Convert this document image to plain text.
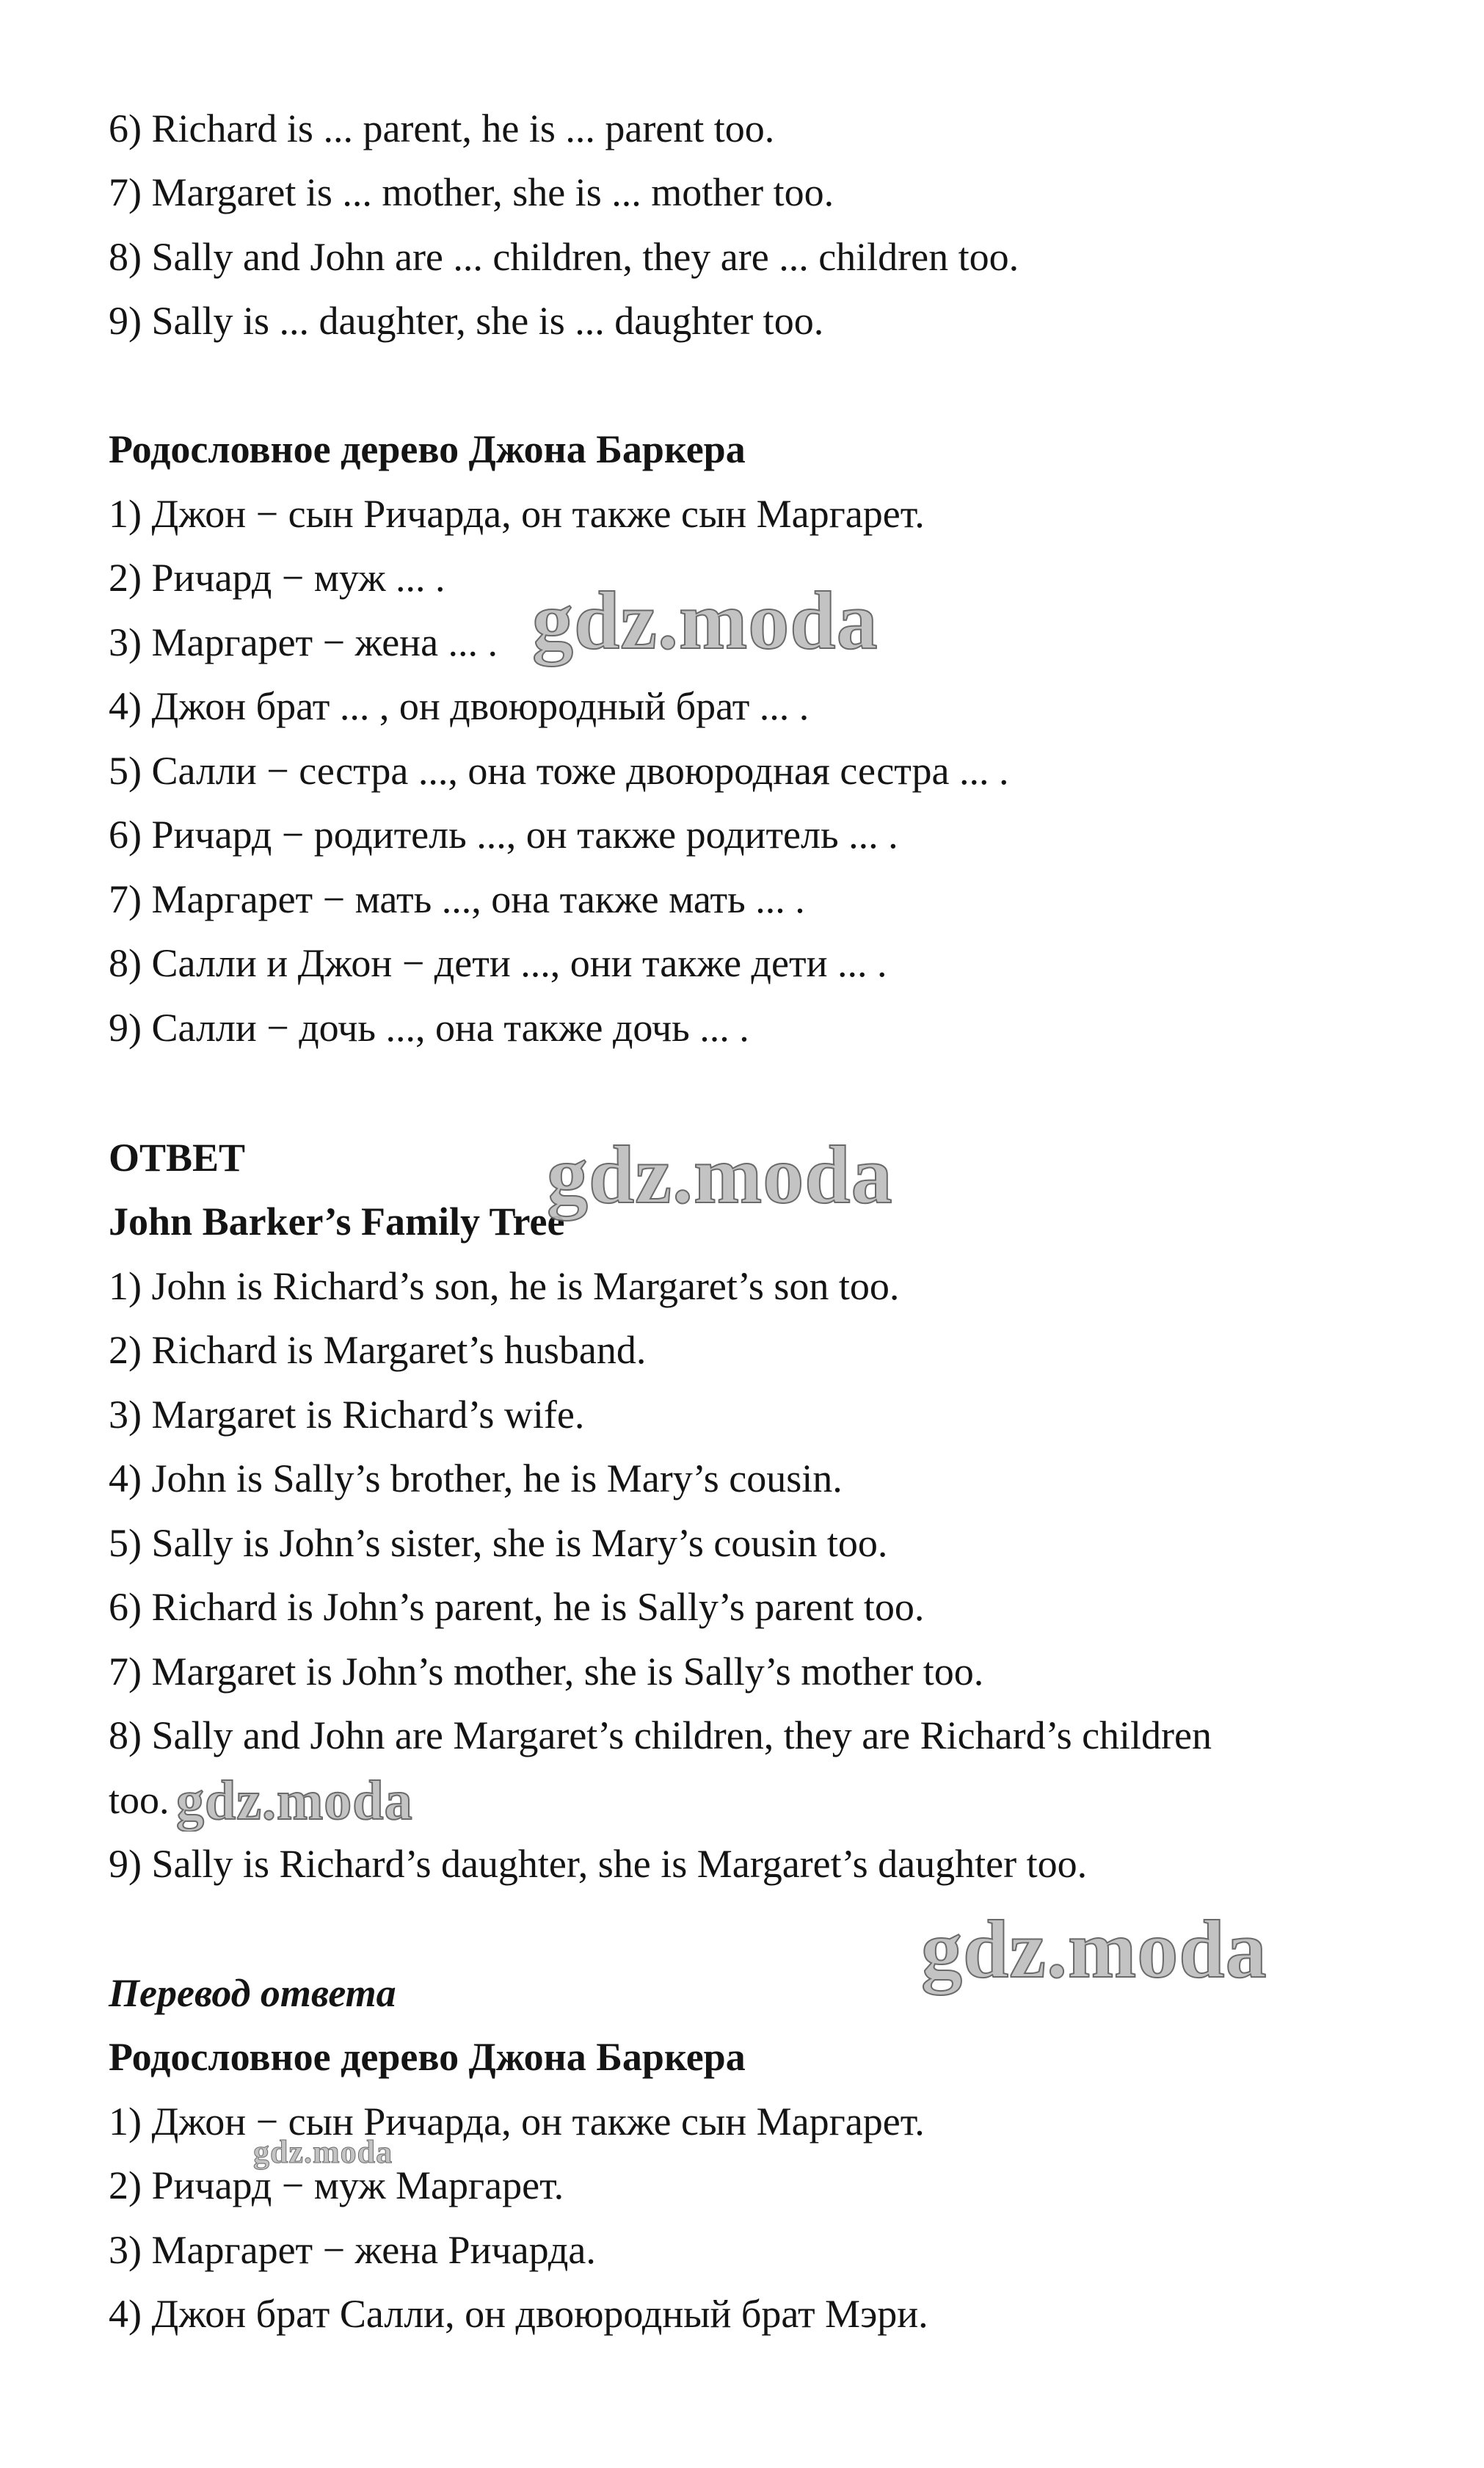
6) Richard is ... parent, he is ... parent too.
7) Margaret is ... mother, she is ... mother too.
8) Sally and John are ... children, they are ... children too.
9) Sally is ... daughter, she is ... daughter too.
Родословное дерево Джона Баркера
1) Джон − сын Ричарда, он также сын Маргарет.
2) Ричард − муж ... .
3) Маргарет − жена ... .
4) Джон брат ... , он двоюродный брат ... .
5) Салли − сестра ..., она тоже двоюродная сестра ... .
6) Ричард − родитель ..., он также родитель ... .
7) Маргарет − мать ..., она также мать ... .
8) Салли и Джон − дети ..., они также дети ... .
9) Салли − дочь ..., она также дочь ... .
ОТВЕТ
John Barker’s Family Tree
1) John is Richard’s son, he is Margaret’s son too.
2) Richard is Margaret’s husband.
3) Margaret is Richard’s wife.
4) John is Sally’s brother, he is Mary’s cousin.
5) Sally is John’s sister, she is Mary’s cousin too.
6) Richard is John’s parent, he is Sally’s parent too.
7) Margaret is John’s mother, she is Sally’s mother too.
8) Sally and John are Margaret’s children, they are Richard’s children
too.
9) Sally is Richard’s daughter, she is Margaret’s daughter too.
Перевод ответа
Родословное дерево Джона Баркера
1) Джон − сын Ричарда, он также сын Маргарет.
2) Ричард − муж Маргарет.
3) Маргарет − жена Ричарда.
4) Джон брат Салли, он двоюродный брат Мэри.
gdz.moda
gdz.moda
gdz.moda
gdz.moda
gdz.moda
